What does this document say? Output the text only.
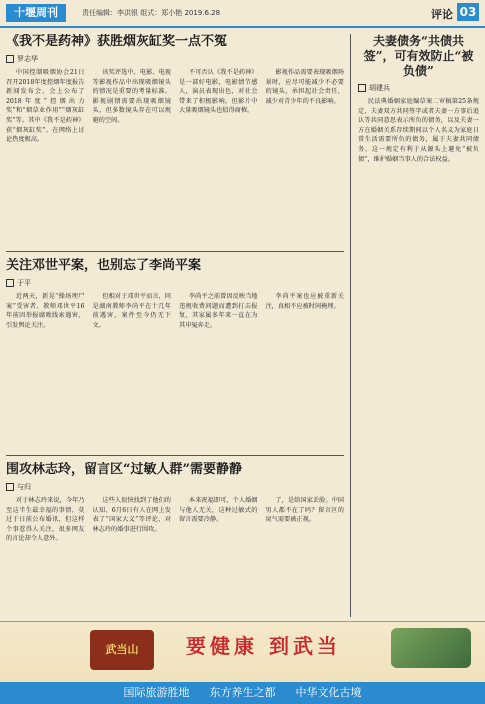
十堰周刊	责任编辑：李洪银 组式：郑小艳 2019.6.28	评论 03
《我不是药神》获胜烟灰缸奖一点不冤
罗志华
中国控制吸烟协会21日召开2018年度控烟年度报告新闻发布会，会上公布了2018年度“控烟出力奖”和“烟草业作用”“烟灰缸奖”等。其中《我不是药神》获“烟灰缸奖”。在网络上讨论热度极高。
该奖评选中，电影、电视等影视作品中出现吸烟镜头的情况是重要的考量标准。影视剧情需要出现吸烟镜头，但多数镜头存在可以规避的空间。
不可否认《我不是药神》是一部好电影，电影情节感人，演员表现出色，对社会带来了积极影响，但影片中大量吸烟镜头也值得商榷。
影视作品需要表现吸烟场景时，应尽可能减少不必要的镜头，承担起社会责任，减少对青少年的不良影响。
关注邓世平案，也别忘了李尚平案
于平
近两天，新晃“操场埋尸案”受害者、教师邓世平16年前因举报腐败线索遇害，引发舆论关注。
但相对于邓世平而言，同是湖南教师李尚平在十几年前遇害，案件至今仍无下文。
李尚平之前曾因反映当地违规收费问题而遭到打击报复，其家属多年来一直在为其申冤奔走。
李尚平案也应被重新关注，真相不应被时间掩埋。
围攻林志玲，留言区“过敏人群”需要静静
与归
对于林志玲来说，今年乃至这半生最幸福的事情，莫过于日前公布婚讯，但这样个事惹得人关注，很多网友的言论却令人意外。
这些人很快找到了他们的认知，6月6日有人在网上发表了“国家大义”等评论，对林志玲的婚事进行围攻。
本来祝福即可，个人婚姻与他人无关，这种过敏式的留言需要冷静。
了，是给国家丢脸。中国男人都不在了吗？留言区的戾气需要被正视。
夫妻债务“共债共签”，可有效防止“被负债”
胡建兵
民法典婚姻家庭编草案二审稿第25条规定，夫妻双方共同签字或者夫妻一方事后追认等共同意思表示所负的债务，以及夫妻一方在婚姻关系存续期间以个人名义为家庭日常生活需要所负的债务，属于夫妻共同债务。这一规定有利于从源头上避免“被负债”，维护婚姻当事人的合法权益。
武当山	要健康 到武当
国际旅游胜地 东方养生之都 中华文化古境
